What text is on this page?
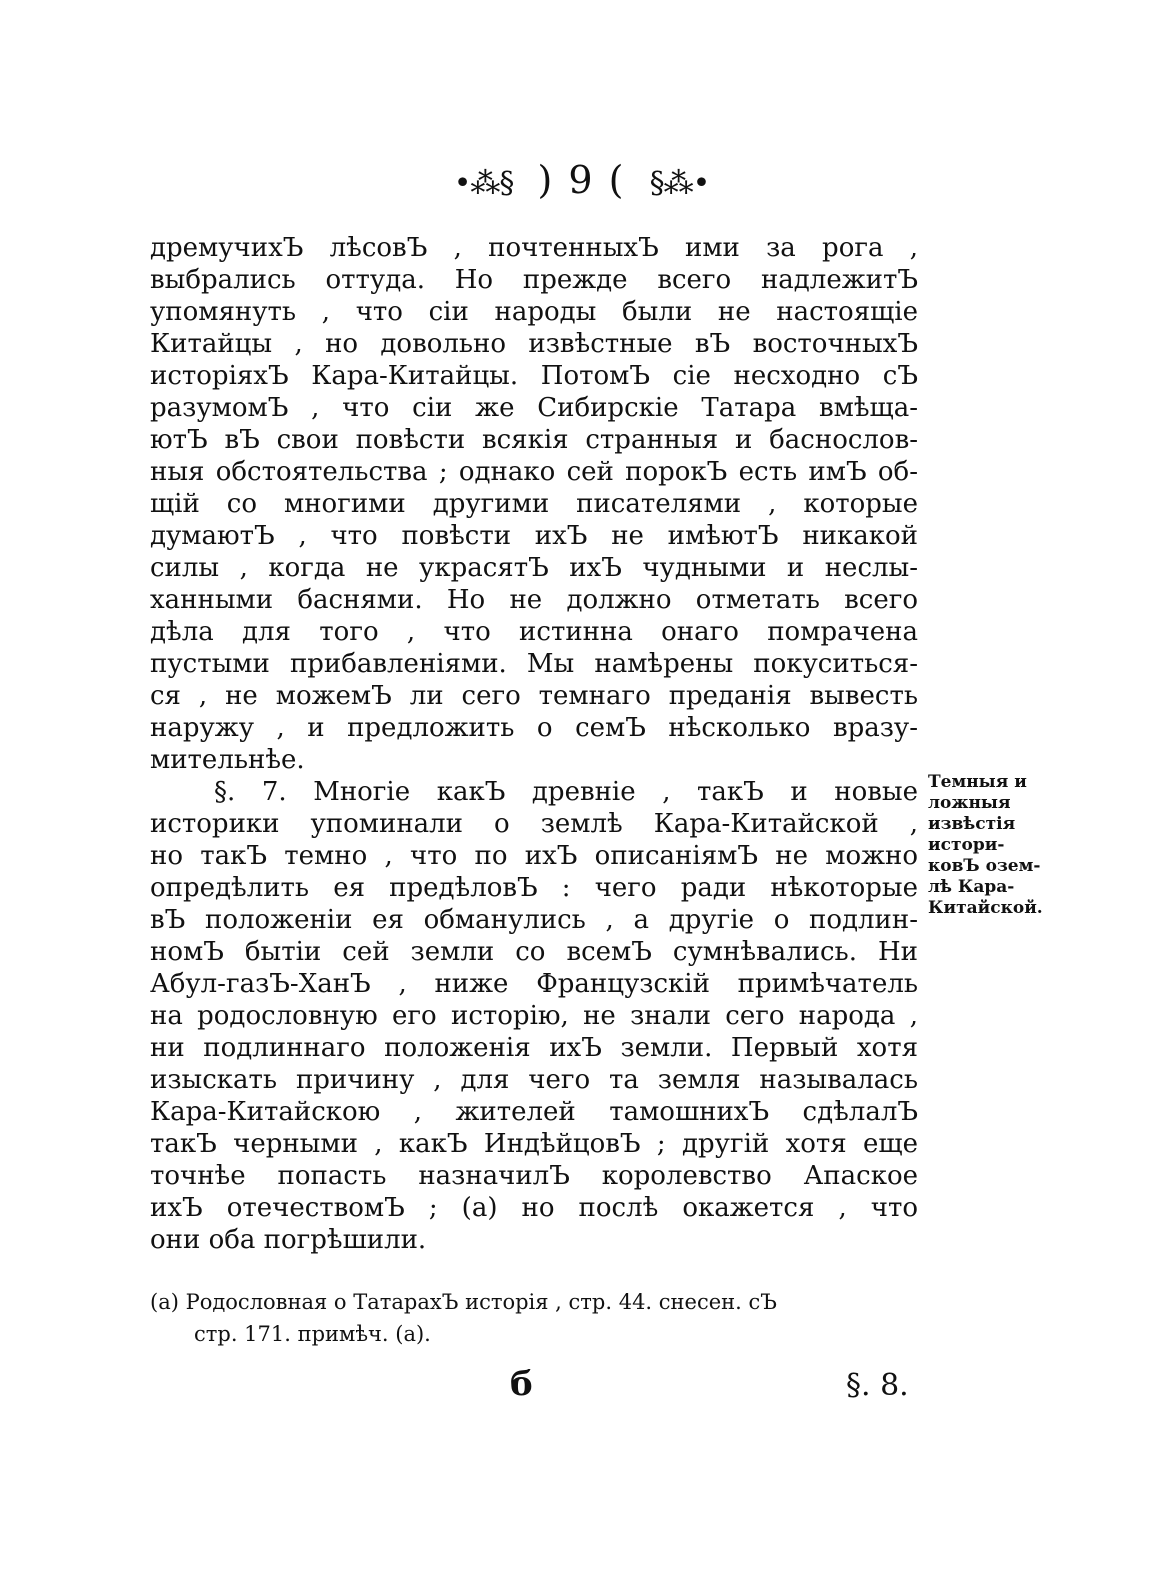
•⁂§ ) 9 ( §⁂•
дремучихЪ лѣсовЪ , почтенныхЪ ими за рога ,
выбрались оттуда. Но прежде всего надлежитЪ
упомянуть , что сіи народы были не настоящіе
Китайцы , но довольно извѣстные вЪ восточныхЪ
исторіяхЪ Кара-Китайцы. ПотомЪ сіе несходно сЪ
разумомЪ , что сіи же Сибирскіе Татара вмѣща-
ютЪ вЪ свои повѣсти всякія странныя и баснослов-
ныя обстоятельства ; однако сей порокЪ есть имЪ об-
щій со многими другими писателями , которые
думаютЪ , что повѣсти ихЪ не имѣютЪ никакой
силы , когда не украсятЪ ихЪ чудными и неслы-
ханными баснями. Но не должно отметать всего
дѣла для того , что истинна онаго помрачена
пустыми прибавленіями. Мы намѣрены покуситься-
ся , не можемЪ ли сего темнаго преданія вывесть
наружу , и предложить о семЪ нѣсколько вразу-
мительнѣе.
§. 7. Многіе какЪ древніе , такЪ и новые
историки упоминали о землѣ Кара-Китайской ,
но такЪ темно , что по ихЪ описаніямЪ не можно
опредѣлить ея предѣловЪ : чего ради нѣкоторые
вЪ положеніи ея обманулись , а другіе о подлин-
номЪ бытіи сей земли со всемЪ сумнѣвались. Ни
Абул-газЪ-ХанЪ , ниже Французскій примѣчатель
на родословную его исторію, не знали сего народа ,
ни подлиннаго положенія ихЪ земли. Первый хотя
изыскать причину , для чего та земля называлась
Кара-Китайскою , жителей тамошнихЪ сдѣлалЪ
такЪ черными , какЪ ИндѣйцовЪ ; другій хотя еще
точнѣе попасть назначилЪ королевство Апаское
ихЪ отечествомЪ ; (а) но послѣ окажется , что
они оба погрѣшили.
Темныя и
ложныя
извѣстія
истори-
ковЪ озем-
лѣ Кара-
Китайской.
(а) Родословная о ТатарахЪ исторія , стр. 44. снесен. сЪ
стр. 171. примѣч. (а).
б	§. 8.
